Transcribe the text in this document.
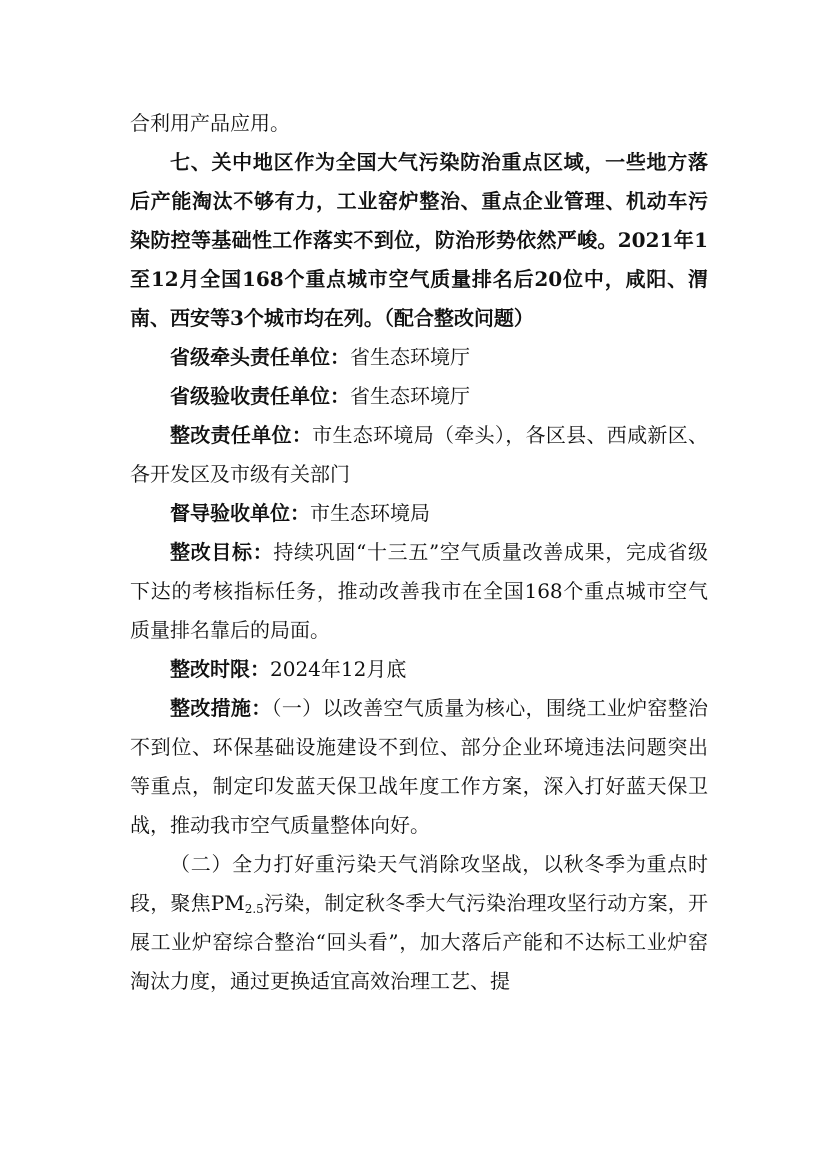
合利用产品应用。

七、关中地区作为全国大气污染防治重点区域，一些地方落后产能淘汰不够有力，工业窑炉整治、重点企业管理、机动车污染防控等基础性工作落实不到位，防治形势依然严峻。2021年1至12月全国168个重点城市空气质量排名后20位中，咸阳、渭南、西安等3个城市均在列。（配合整改问题）

省级牵头责任单位：省生态环境厅

省级验收责任单位：省生态环境厅

整改责任单位：市生态环境局（牵头），各区县、西咸新区、各开发区及市级有关部门

督导验收单位：市生态环境局

整改目标：持续巩固“十三五”空气质量改善成果，完成省级下达的考核指标任务，推动改善我市在全国168个重点城市空气质量排名靠后的局面。

整改时限：2024年12月底

整改措施：（一）以改善空气质量为核心，围绕工业炉窑整治不到位、环保基础设施建设不到位、部分企业环境违法问题突出等重点，制定印发蓝天保卫战年度工作方案，深入打好蓝天保卫战，推动我市空气质量整体向好。

（二）全力打好重污染天气消除攻坚战，以秋冬季为重点时段，聚焦$PM_{2.5}$污染，制定秋冬季大气污染治理攻坚行动方案，开展工业炉窑综合整治“回头看”，加大落后产能和不达标工业炉窑淘汰力度，通过更换适宜高效治理工艺、提
